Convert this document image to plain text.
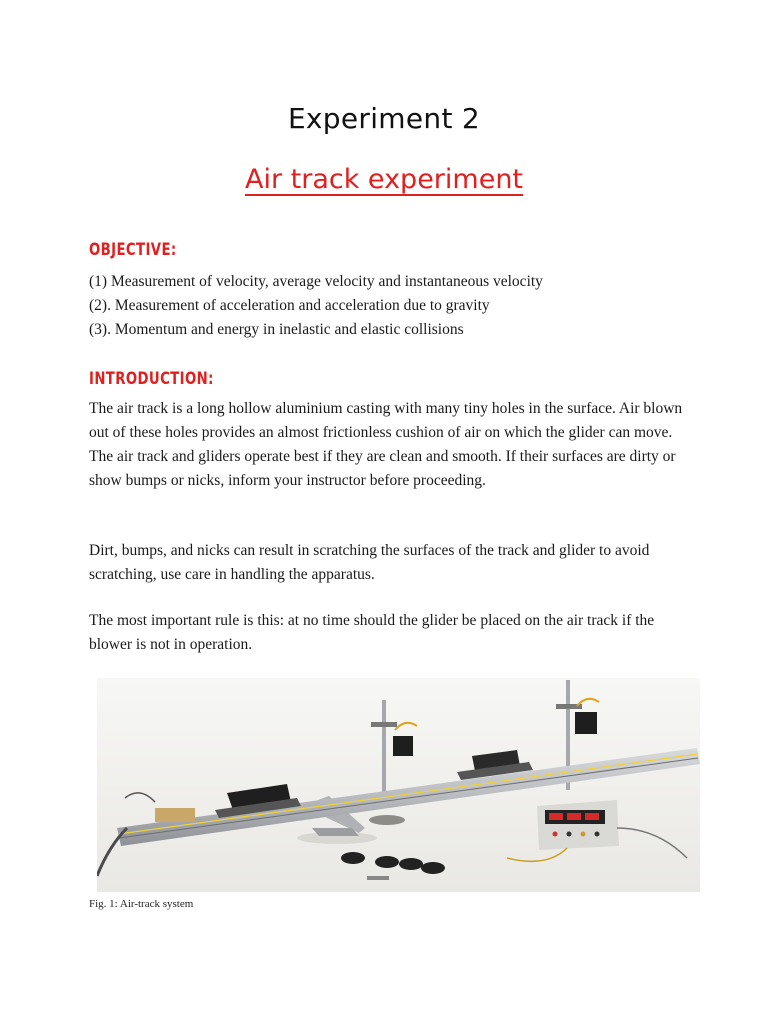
Experiment 2
Air track experiment
OBJECTIVE:
(1) Measurement of velocity, average velocity and instantaneous velocity
(2). Measurement of acceleration and acceleration due to gravity
(3). Momentum and energy in inelastic and elastic collisions
INTRODUCTION:

The air track is a long hollow aluminium casting with many tiny holes in the surface. Air blown out of these holes provides an almost frictionless cushion of air on which the glider can move. The air track and gliders operate best if they are clean and smooth. If their surfaces are dirty or show bumps or nicks, inform your instructor before proceeding.

Dirt, bumps, and nicks can result in scratching the surfaces of the track and glider to avoid scratching, use care in handling the apparatus.

The most important rule is this: at no time should the glider be placed on the air track if the blower is not in operation.

Fig. 1: Air-track system
